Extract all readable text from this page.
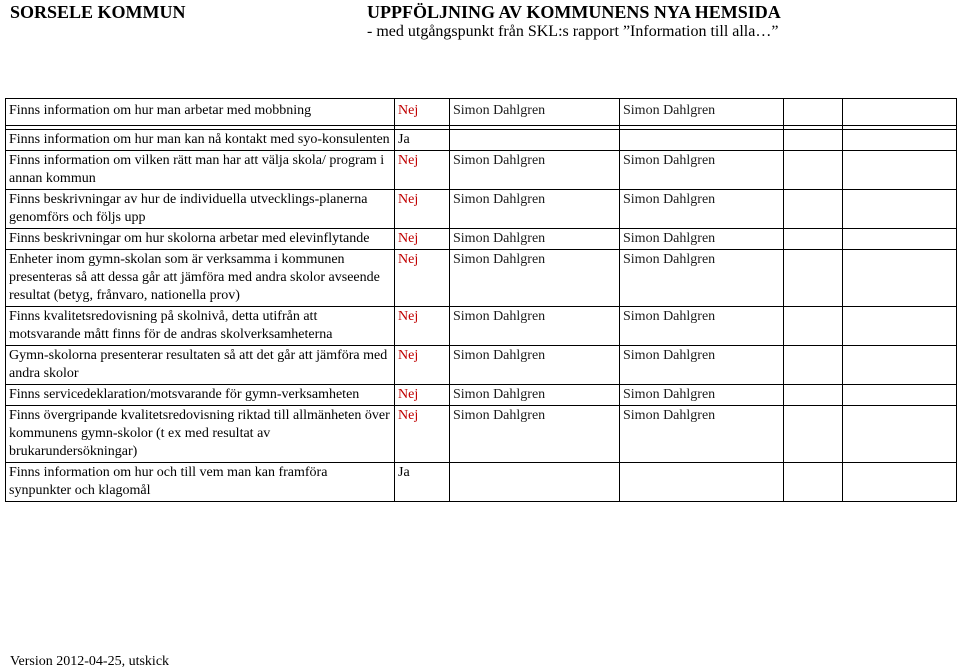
SORSELE KOMMUN	UPPFÖLJNING AV KOMMUNENS NYA HEMSIDA
- med utgångspunkt från SKL:s rapport ”Information till alla…”
Finns information om hur man arbetar med mobbning	Nej	Simon Dahlgren	Simon Dahlgren		

Finns information om hur man kan nå kontakt med syo-konsulenten	Ja				
Finns information om vilken rätt man har att välja skola/ program i annan kommun	Nej	Simon Dahlgren	Simon Dahlgren		
Finns beskrivningar av hur de individuella utvecklings-planerna genomförs och följs upp	Nej	Simon Dahlgren	Simon Dahlgren		
Finns beskrivningar om hur skolorna arbetar med elevinflytande	Nej	Simon Dahlgren	Simon Dahlgren		
Enheter inom gymn-skolan som är verksamma i kommunen presenteras så att dessa går att jämföra med andra skolor avseende resultat (betyg, frånvaro, nationella prov)	Nej	Simon Dahlgren	Simon Dahlgren		
Finns kvalitetsredovisning på skolnivå, detta utifrån att motsvarande mått finns för de andras skolverksamheterna	Nej	Simon Dahlgren	Simon Dahlgren		
Gymn-skolorna presenterar resultaten så att det går att jämföra med andra skolor	Nej	Simon Dahlgren	Simon Dahlgren		
Finns servicedeklaration/motsvarande för gymn-verksamheten	Nej	Simon Dahlgren	Simon Dahlgren		
Finns övergripande kvalitetsredovisning riktad till allmänheten över kommunens gymn-skolor (t ex med resultat av brukarundersökningar)	Nej	Simon Dahlgren	Simon Dahlgren		
Finns information om hur och till vem man kan framföra synpunkter och klagomål	Ja				
Version 2012-04-25, utskick
